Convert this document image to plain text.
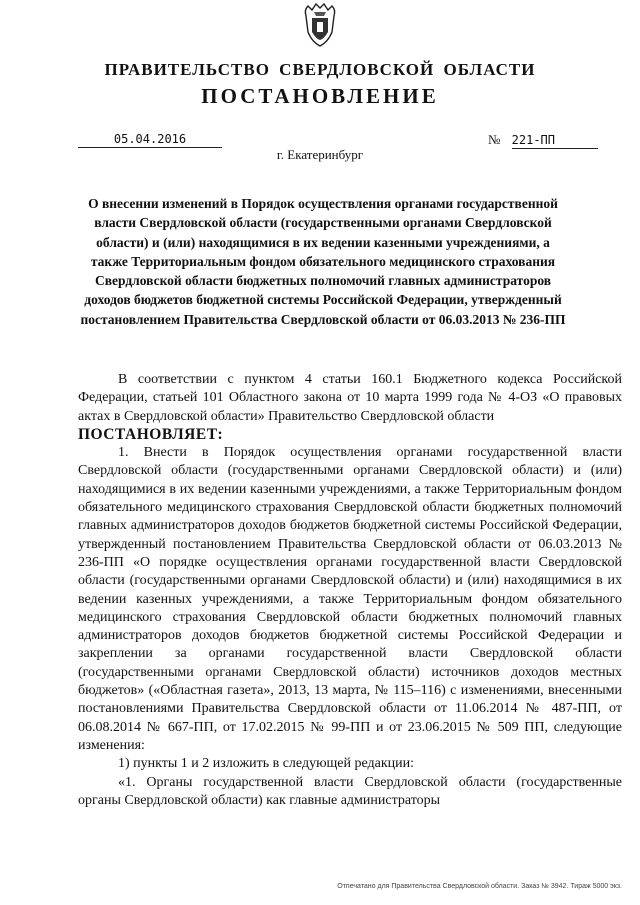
ПРАВИТЕЛЬСТВО СВЕРДЛОВСКОЙ ОБЛАСТИ
ПОСТАНОВЛЕНИЕ
05.04.2016	№ 221-ПП
г. Екатеринбург
О внесении изменений в Порядок осуществления органами государственной власти Свердловской области (государственными органами Свердловской области) и (или) находящимися в их ведении казенными учреждениями, а также Территориальным фондом обязательного медицинского страхования Свердловской области бюджетных полномочий главных администраторов доходов бюджетов бюджетной системы Российской Федерации, утвержденный постановлением Правительства Свердловской области от 06.03.2013 № 236-ПП

В соответствии с пунктом 4 статьи 160.1 Бюджетного кодекса Российской Федерации, статьей 101 Областного закона от 10 марта 1999 года № 4-ОЗ «О правовых актах в Свердловской области» Правительство Свердловской области

ПОСТАНОВЛЯЕТ:

1. Внести в Порядок осуществления органами государственной власти Свердловской области (государственными органами Свердловской области) и (или) находящимися в их ведении казенными учреждениями, а также Территориальным фондом обязательного медицинского страхования Свердловской области бюджетных полномочий главных администраторов доходов бюджетов бюджетной системы Российской Федерации, утвержденный постановлением Правительства Свердловской области от 06.03.2013 № 236-ПП «О порядке осуществления органами государственной власти Свердловской области (государственными органами Свердловской области) и (или) находящимися в их ведении казенных учреждениями, а также Территориальным фондом обязательного медицинского страхования Свердловской области бюджетных полномочий главных администраторов доходов бюджетов бюджетной системы Российской Федерации и закреплении за органами государственной власти Свердловской области (государственными органами Свердловской области) источников доходов местных бюджетов» («Областная газета», 2013, 13 марта, № 115–116) с изменениями, внесенными постановлениями Правительства Свердловской области от 11.06.2014 № 487-ПП, от 06.08.2014 № 667-ПП, от 17.02.2015 № 99-ПП и от 23.06.2015 № 509 ПП, следующие изменения:

1) пункты 1 и 2 изложить в следующей редакции:

«1. Органы государственной власти Свердловской области (государственные органы Свердловской области) как главные администраторы

Отпечатано для Правительства Свердловской области. Заказ № 3942. Тираж 5000 экз.
